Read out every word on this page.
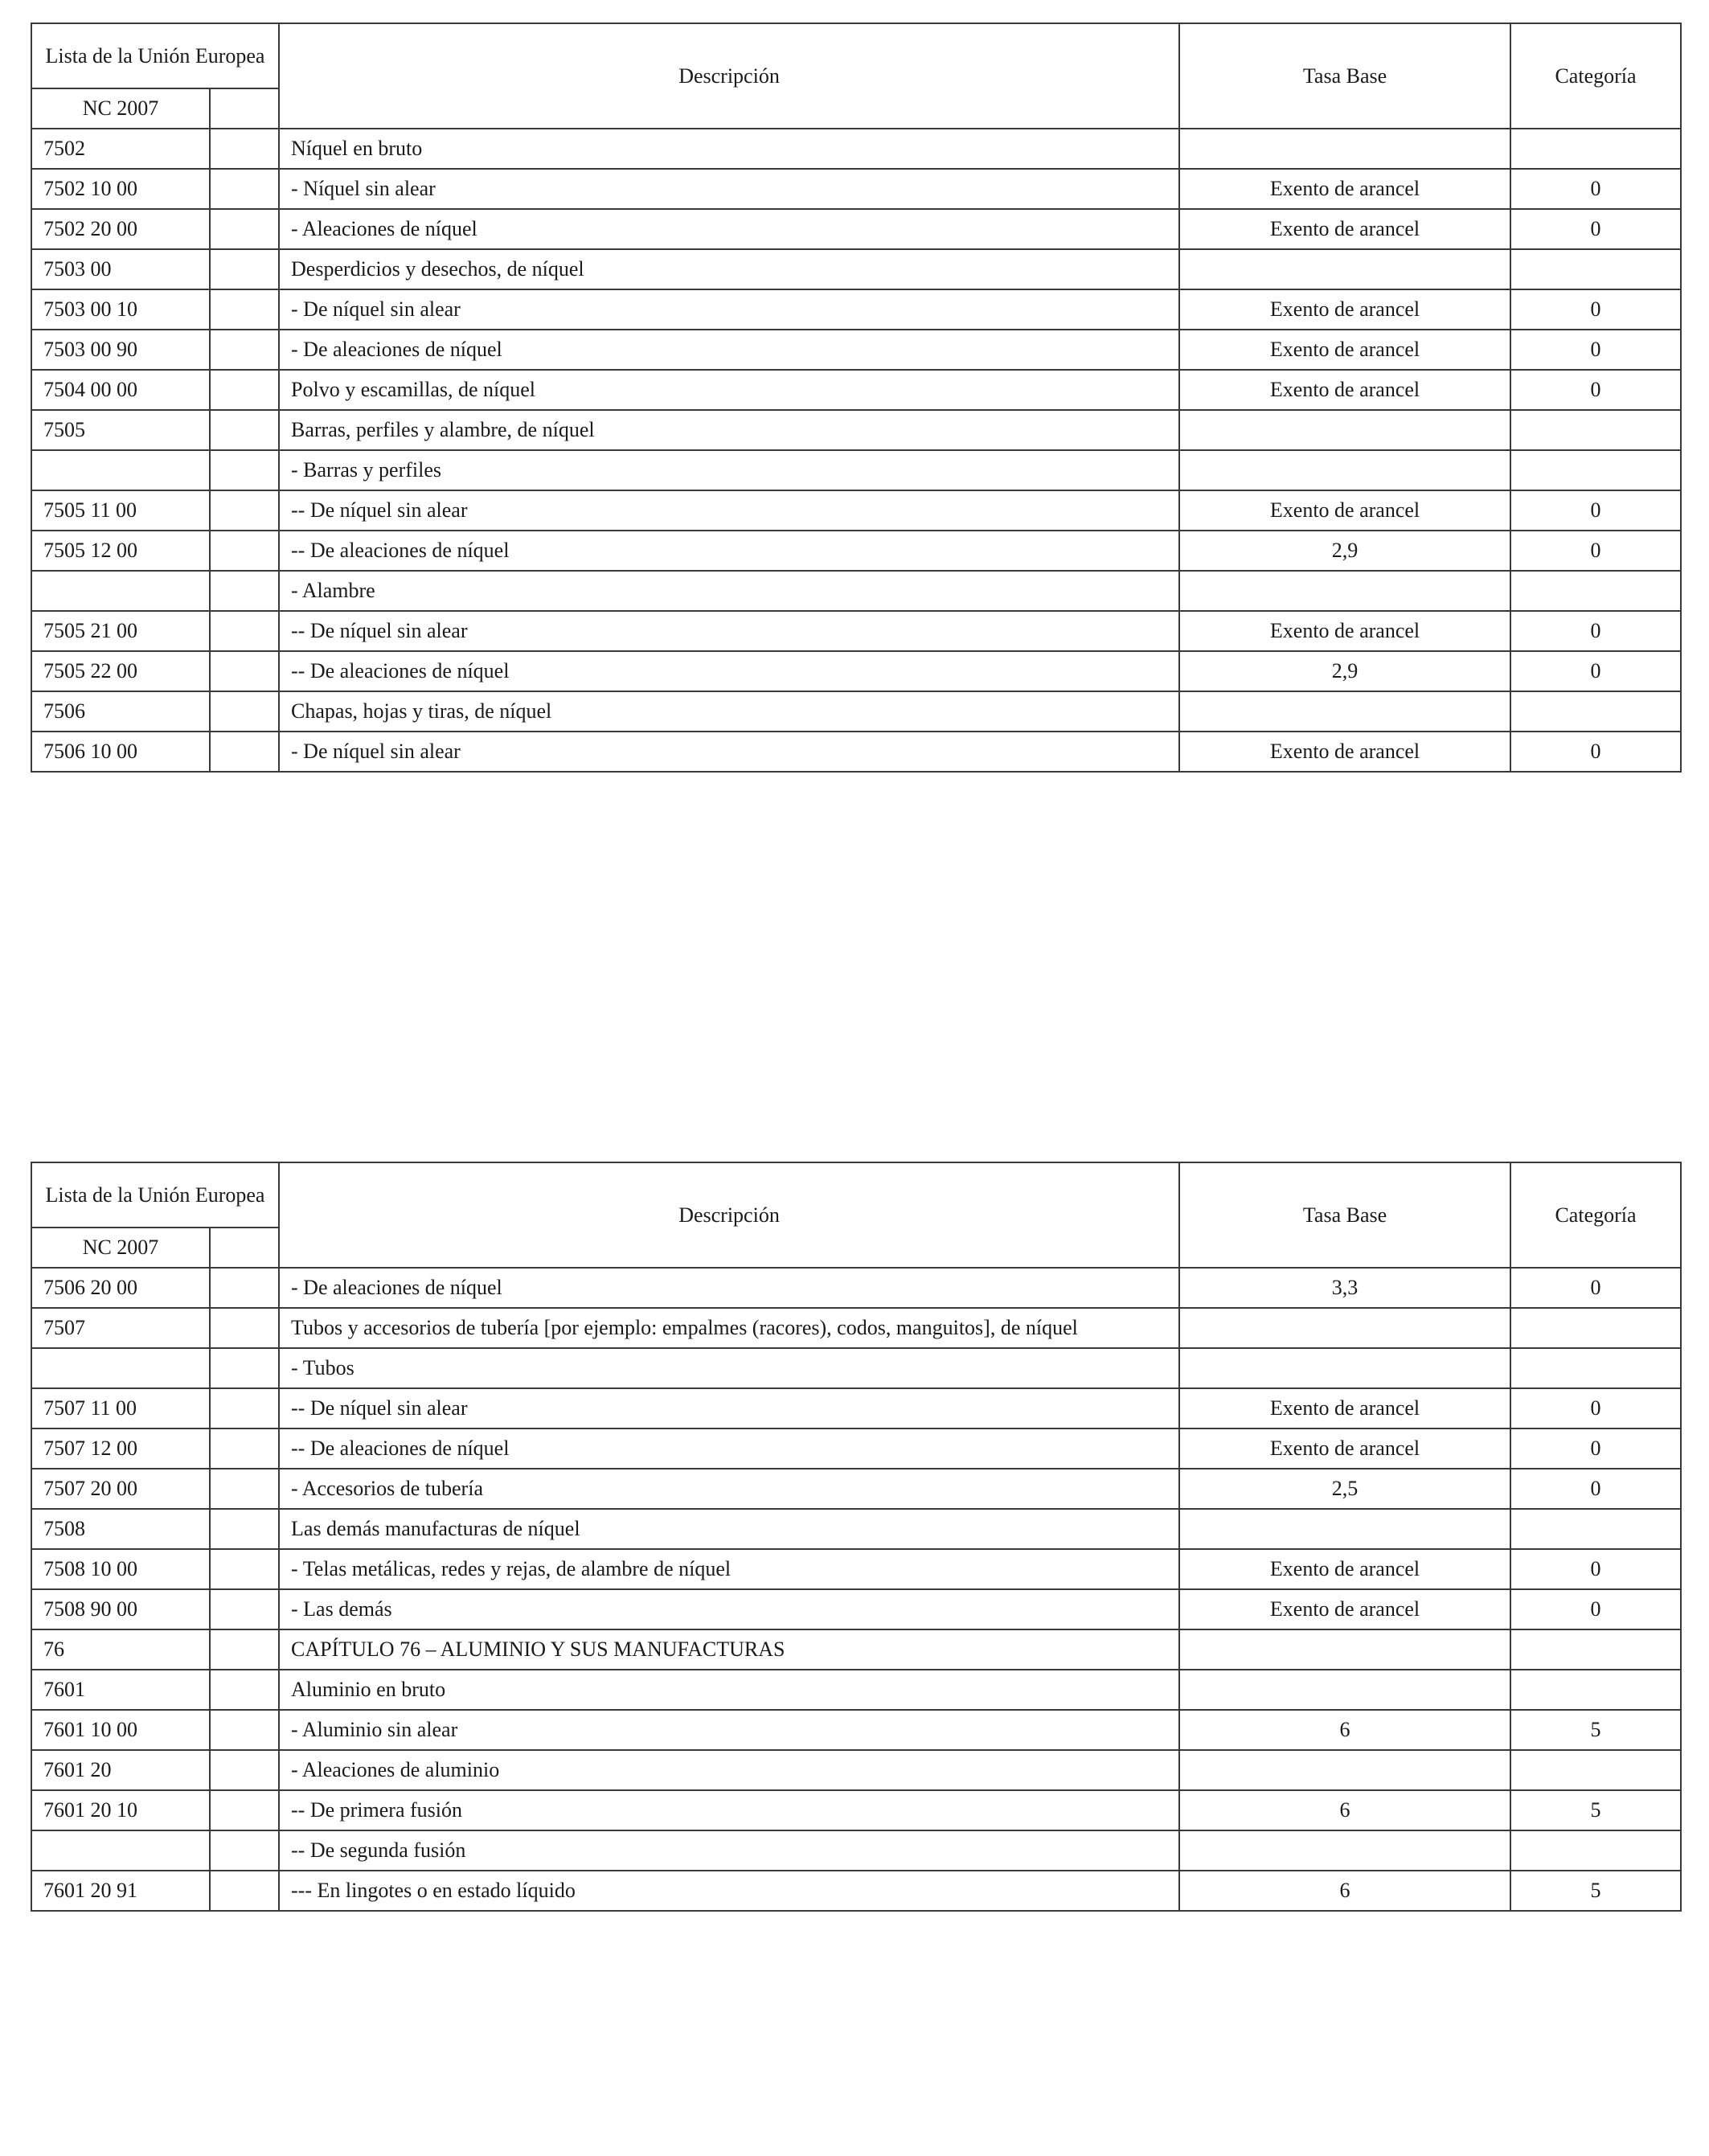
Lista de la Unión Europea		Descripción	Tasa Base	Categoría
NC 2007				
7502		Níquel en bruto		
7502 10 00		- Níquel sin alear	Exento de arancel	0
7502 20 00		- Aleaciones de níquel	Exento de arancel	0
7503 00		Desperdicios y desechos, de níquel		
7503 00 10		- De níquel sin alear	Exento de arancel	0
7503 00 90		- De aleaciones de níquel	Exento de arancel	0
7504 00 00		Polvo y escamillas, de níquel	Exento de arancel	0
7505		Barras, perfiles y alambre, de níquel		
		- Barras y perfiles		
7505 11 00		-- De níquel sin alear	Exento de arancel	0
7505 12 00		-- De aleaciones de níquel	2,9	0
		- Alambre		
7505 21 00		-- De níquel sin alear	Exento de arancel	0
7505 22 00		-- De aleaciones de níquel	2,9	0
7506		Chapas, hojas y tiras, de níquel		
7506 10 00		- De níquel sin alear	Exento de arancel	0
Lista de la Unión Europea		Descripción	Tasa Base	Categoría
NC 2007				
7506 20 00		- De aleaciones de níquel	3,3	0
7507		Tubos y accesorios de tubería [por ejemplo: empalmes (racores), codos, manguitos], de níquel		
		- Tubos		
7507 11 00		-- De níquel sin alear	Exento de arancel	0
7507 12 00		-- De aleaciones de níquel	Exento de arancel	0
7507 20 00		- Accesorios de tubería	2,5	0
7508		Las demás manufacturas de níquel		
7508 10 00		- Telas metálicas, redes y rejas, de alambre de níquel	Exento de arancel	0
7508 90 00		- Las demás	Exento de arancel	0
76		CAPÍTULO 76 – ALUMINIO Y SUS MANUFACTURAS		
7601		Aluminio en bruto		
7601 10 00		- Aluminio sin alear	6	5
7601 20		- Aleaciones de aluminio		
7601 20 10		-- De primera fusión	6	5
		-- De segunda fusión		
7601 20 91		--- En lingotes o en estado líquido	6	5
